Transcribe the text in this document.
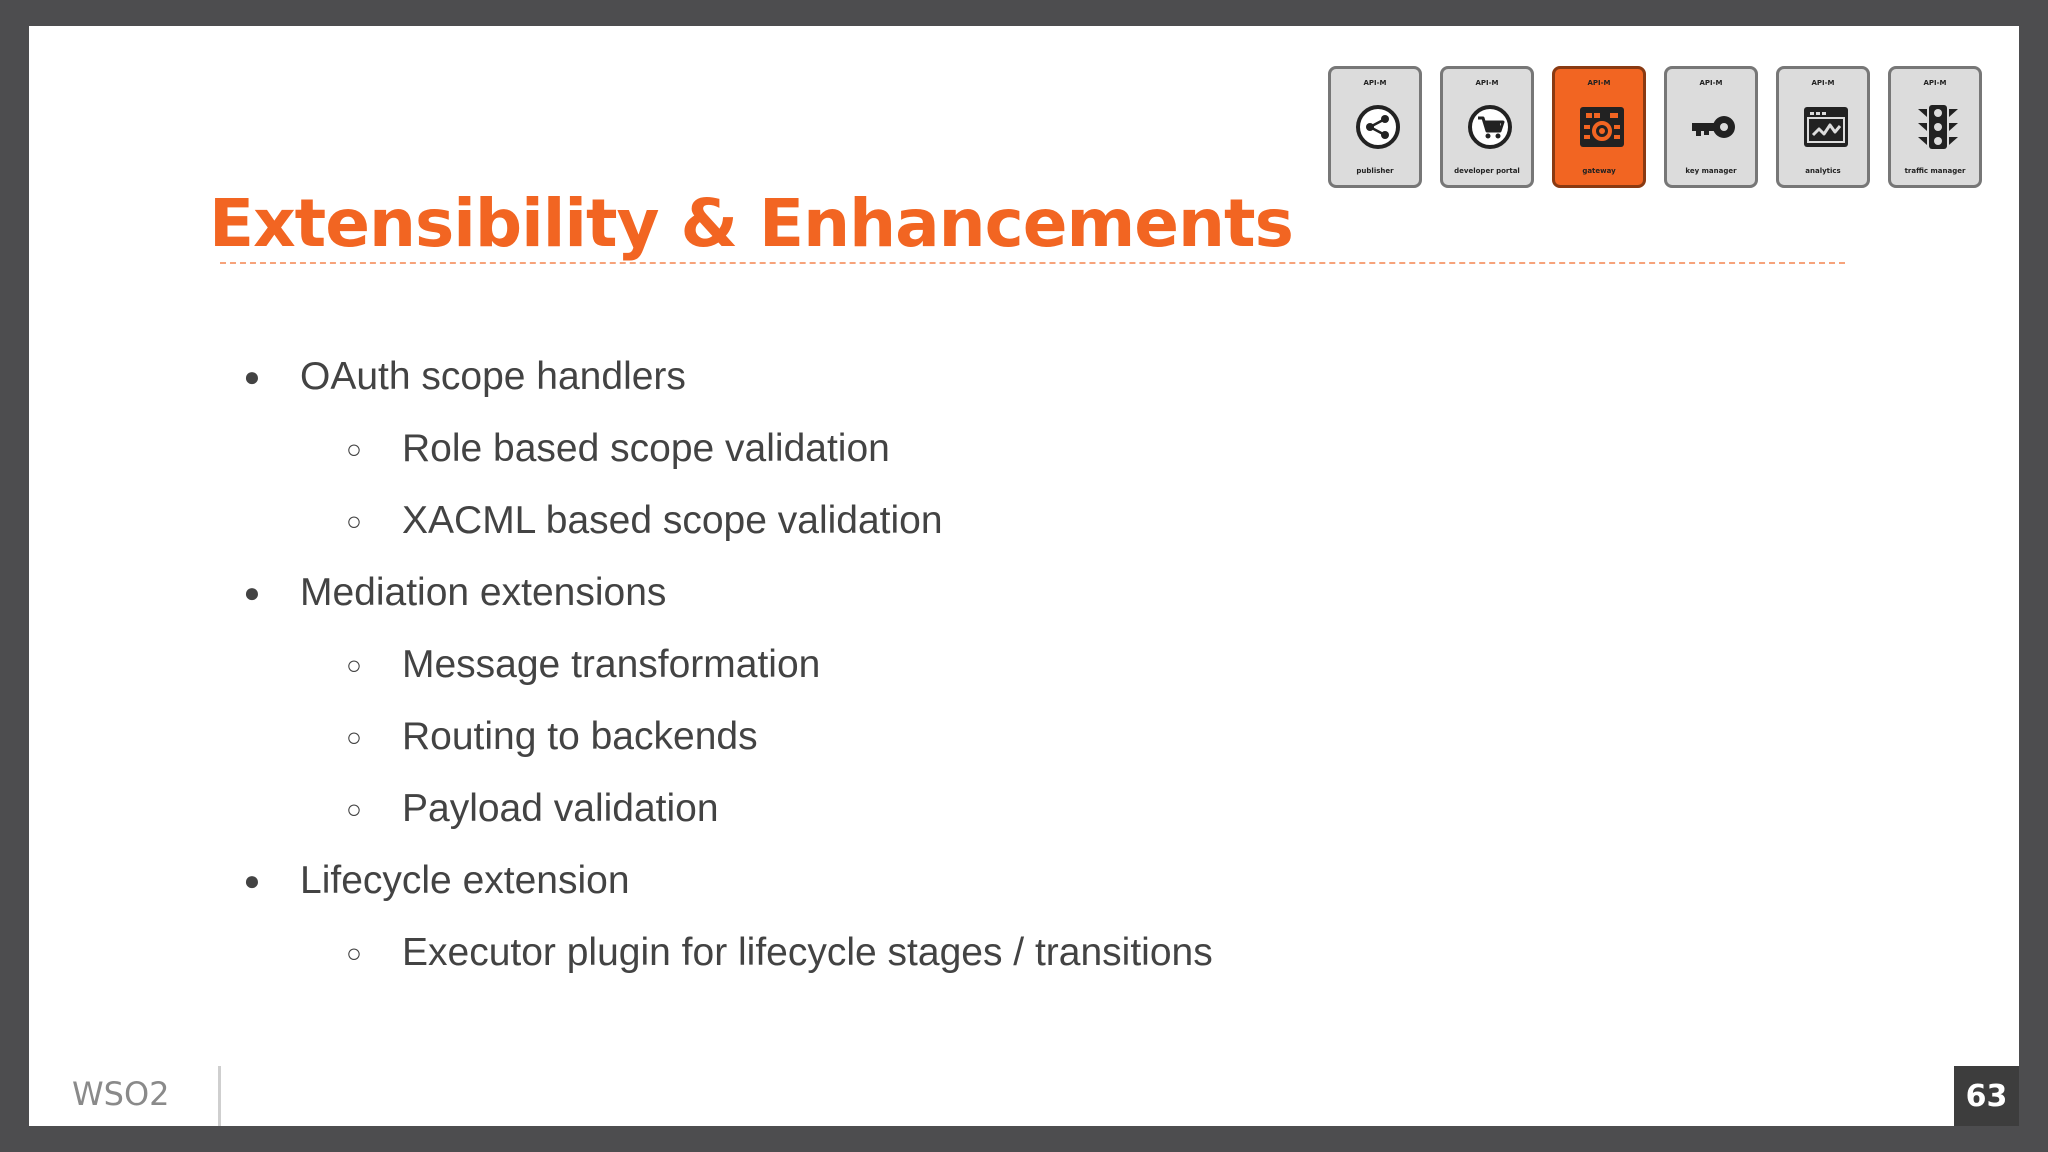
Extensibility & Enhancements
● OAuth scope handlers
○	Role based scope validation
○	XACML based scope validation
● Mediation extensions
○	Message transformation
○	Routing to backends
○	Payload validation
● Lifecycle extension
○	Executor plugin for lifecycle stages / transitions
API-M
publisher
API-M
developer portal
API-M
gateway
API-M
key manager
API-M
analytics
API-M
traffic manager
WSO2	63
